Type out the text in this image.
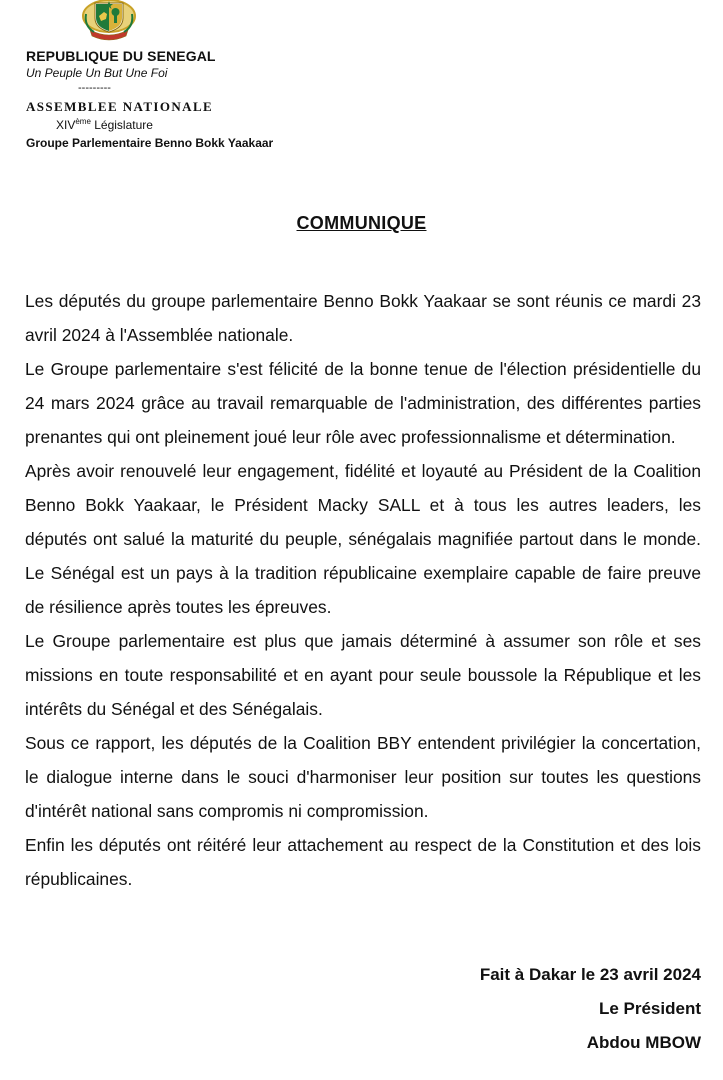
REPUBLIQUE DU SENEGAL

Un Peuple Un But Une Foi

---------

ASSEMBLEE NATIONALE

XIVème Législature

Groupe Parlementaire Benno Bokk Yaakaar

COMMUNIQUE

Les députés du groupe parlementaire Benno Bokk Yaakaar se sont réunis ce mardi 23 avril 2024 à l'Assemblée nationale.

Le Groupe parlementaire s'est félicité de la bonne tenue de l'élection présidentielle du 24 mars 2024 grâce au travail remarquable de l'administration, des différentes parties prenantes qui ont pleinement joué leur rôle avec professionnalisme et détermination.

Après avoir renouvelé leur engagement, fidélité et loyauté au Président de la Coalition Benno Bokk Yaakaar, le Président Macky SALL et à tous les autres leaders, les députés ont salué la maturité du peuple, sénégalais magnifiée partout dans le monde. Le Sénégal est un pays à la tradition républicaine exemplaire capable de faire preuve de résilience après toutes les épreuves.

Le Groupe parlementaire est plus que jamais déterminé à assumer son rôle et ses missions en toute responsabilité et en ayant pour seule boussole la République et les intérêts du Sénégal et des Sénégalais.

Sous ce rapport, les députés de la Coalition BBY entendent privilégier la concertation, le dialogue interne dans le souci d'harmoniser leur position sur toutes les questions d'intérêt national sans compromis ni compromission.

Enfin les députés ont réitéré leur attachement au respect de la Constitution et des lois républicaines.

Fait à Dakar le 23 avril 2024
Le Président
Abdou MBOW
